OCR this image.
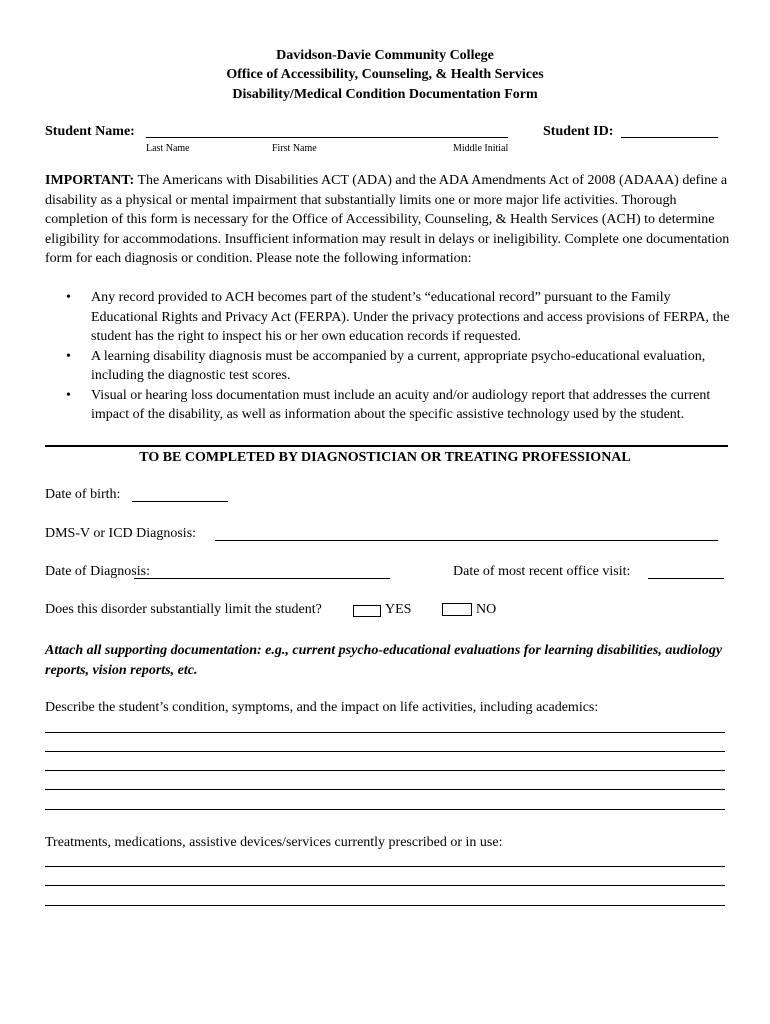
Davidson-Davie Community College
Office of Accessibility, Counseling, & Health Services
Disability/Medical Condition Documentation Form
Student Name:	Student ID:
Last Name	First Name	Middle Initial
IMPORTANT: The Americans with Disabilities ACT (ADA) and the ADA Amendments Act of 2008 (ADAAA) define a disability as a physical or mental impairment that substantially limits one or more major life activities. Thorough completion of this form is necessary for the Office of Accessibility, Counseling, & Health Services (ACH) to determine eligibility for accommodations. Insufficient information may result in delays or ineligibility. Complete one documentation form for each diagnosis or condition. Please note the following information:
• Any record provided to ACH becomes part of the student’s “educational record” pursuant to the Family Educational Rights and Privacy Act (FERPA). Under the privacy protections and access provisions of FERPA, the student has the right to inspect his or her own education records if requested.
• A learning disability diagnosis must be accompanied by a current, appropriate psycho-educational evaluation, including the diagnostic test scores.
• Visual or hearing loss documentation must include an acuity and/or audiology report that addresses the current impact of the disability, as well as information about the specific assistive technology used by the student.
TO BE COMPLETED BY DIAGNOSTICIAN OR TREATING PROFESSIONAL
Date of birth:
DMS-V or ICD Diagnosis:
Date of Diagnosis:	Date of most recent office visit:
Does this disorder substantially limit the student?	YES	NO
Attach all supporting documentation: e.g., current psycho-educational evaluations for learning disabilities, audiology reports, vision reports, etc.
Describe the student’s condition, symptoms, and the impact on life activities, including academics:
Treatments, medications, assistive devices/services currently prescribed or in use:
